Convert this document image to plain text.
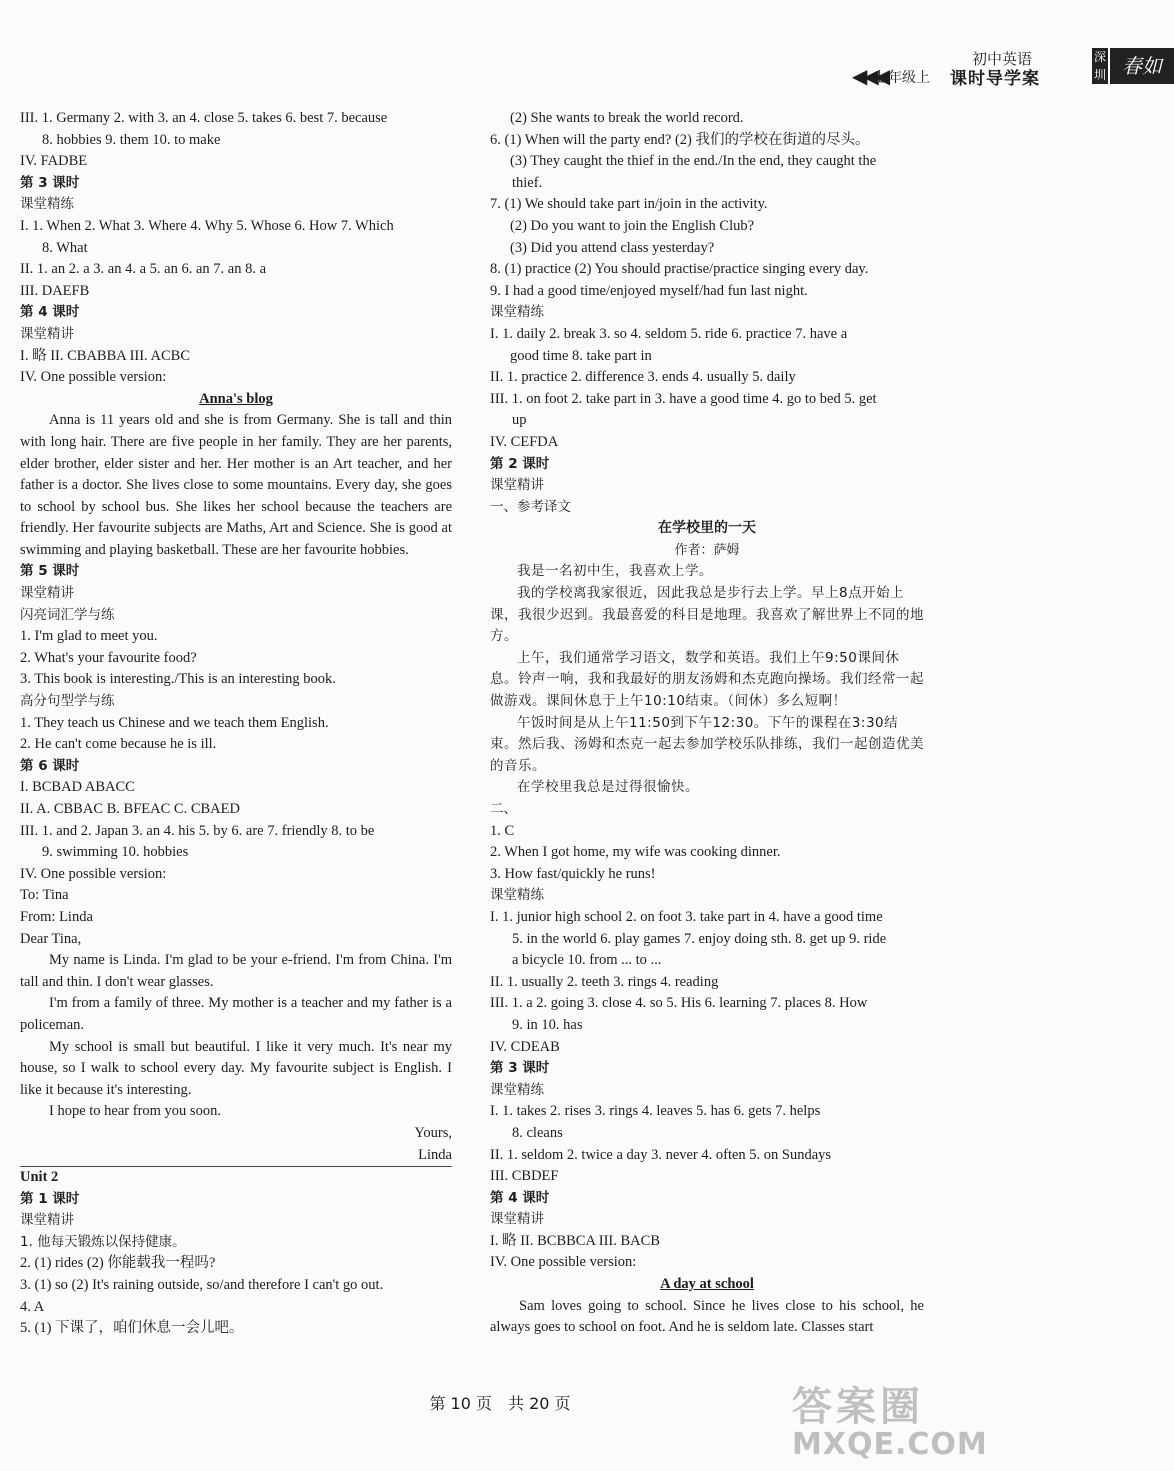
◀◀◀
七年级上
初中英语
课时导学案
深圳金卷
春如
III. 1. Germany 2. with 3. an 4. close 5. takes 6. best 7. because
8. hobbies 9. them 10. to make
IV. FADBE
第 3 课时
课堂精练
I. 1. When 2. What 3. Where 4. Why 5. Whose 6. How 7. Which
8. What
II. 1. an 2. a 3. an 4. a 5. an 6. an 7. an 8. a
III. DAEFB
第 4 课时
课堂精讲
I. 略 II. CBABBA III. ACBC
IV. One possible version:
Anna's blog
Anna is 11 years old and she is from Germany. She is tall and thin with long hair. There are five people in her family. They are her parents, elder brother, elder sister and her. Her mother is an Art teacher, and her father is a doctor. She lives close to some mountains. Every day, she goes to school by school bus. She likes her school because the teachers are friendly. Her favourite subjects are Maths, Art and Science. She is good at swimming and playing basketball. These are her favourite hobbies.
第 5 课时
课堂精讲
闪亮词汇学与练
1. I'm glad to meet you.
2. What's your favourite food?
3. This book is interesting./This is an interesting book.
高分句型学与练
1. They teach us Chinese and we teach them English.
2. He can't come because he is ill.
第 6 课时
I. BCBAD ABACC
II. A. CBBAC B. BFEAC C. CBAED
III. 1. and 2. Japan 3. an 4. his 5. by 6. are 7. friendly 8. to be
9. swimming 10. hobbies
IV. One possible version:
To: Tina
From: Linda
Dear Tina,
My name is Linda. I'm glad to be your e-friend. I'm from China. I'm tall and thin. I don't wear glasses.
I'm from a family of three. My mother is a teacher and my father is a policeman.
My school is small but beautiful. I like it very much. It's near my house, so I walk to school every day. My favourite subject is English. I like it because it's interesting.
I hope to hear from you soon.
Yours,
Linda
Unit 2
第 1 课时
课堂精讲
1. 他每天锻炼以保持健康。
2. (1) rides (2) 你能载我一程吗?
3. (1) so (2) It's raining outside, so/and therefore I can't go out.
4. A
5. (1) 下课了，咱们休息一会儿吧。
(2) She wants to break the world record.
6. (1) When will the party end? (2) 我们的学校在街道的尽头。
(3) They caught the thief in the end./In the end, they caught the
thief.
7. (1) We should take part in/join in the activity.
(2) Do you want to join the English Club?
(3) Did you attend class yesterday?
8. (1) practice (2) You should practise/practice singing every day.
9. I had a good time/enjoyed myself/had fun last night.
课堂精练
I. 1. daily 2. break 3. so 4. seldom 5. ride 6. practice 7. have a
good time 8. take part in
II. 1. practice 2. difference 3. ends 4. usually 5. daily
III. 1. on foot 2. take part in 3. have a good time 4. go to bed 5. get
up
IV. CEFDA
第 2 课时
课堂精讲
一、参考译文
在学校里的一天
作者：萨姆
我是一名初中生，我喜欢上学。
我的学校离我家很近，因此我总是步行去上学。早上8点开始上课，我很少迟到。我最喜爱的科目是地理。我喜欢了解世界上不同的地方。
上午，我们通常学习语文，数学和英语。我们上午9:50课间休息。铃声一响，我和我最好的朋友汤姆和杰克跑向操场。我们经常一起做游戏。课间休息于上午10:10结束。（间休）多么短啊！
午饭时间是从上午11:50到下午12:30。下午的课程在3:30结束。然后我、汤姆和杰克一起去参加学校乐队排练，我们一起创造优美的音乐。
在学校里我总是过得很愉快。
二、
1. C
2. When I got home, my wife was cooking dinner.
3. How fast/quickly he runs!
课堂精练
I. 1. junior high school 2. on foot 3. take part in 4. have a good time
5. in the world 6. play games 7. enjoy doing sth. 8. get up 9. ride
a bicycle 10. from ... to ...
II. 1. usually 2. teeth 3. rings 4. reading
III. 1. a 2. going 3. close 4. so 5. His 6. learning 7. places 8. How
9. in 10. has
IV. CDEAB
第 3 课时
课堂精练
I. 1. takes 2. rises 3. rings 4. leaves 5. has 6. gets 7. helps
8. cleans
II. 1. seldom 2. twice a day 3. never 4. often 5. on Sundays
III. CBDEF
第 4 课时
课堂精讲
I. 略 II. BCBBCA III. BACB
IV. One possible version:
A day at school
Sam loves going to school. Since he lives close to his school, he always goes to school on foot. And he is seldom late. Classes start
第 10 页　共 20 页	答案圈
MXQE.COM
